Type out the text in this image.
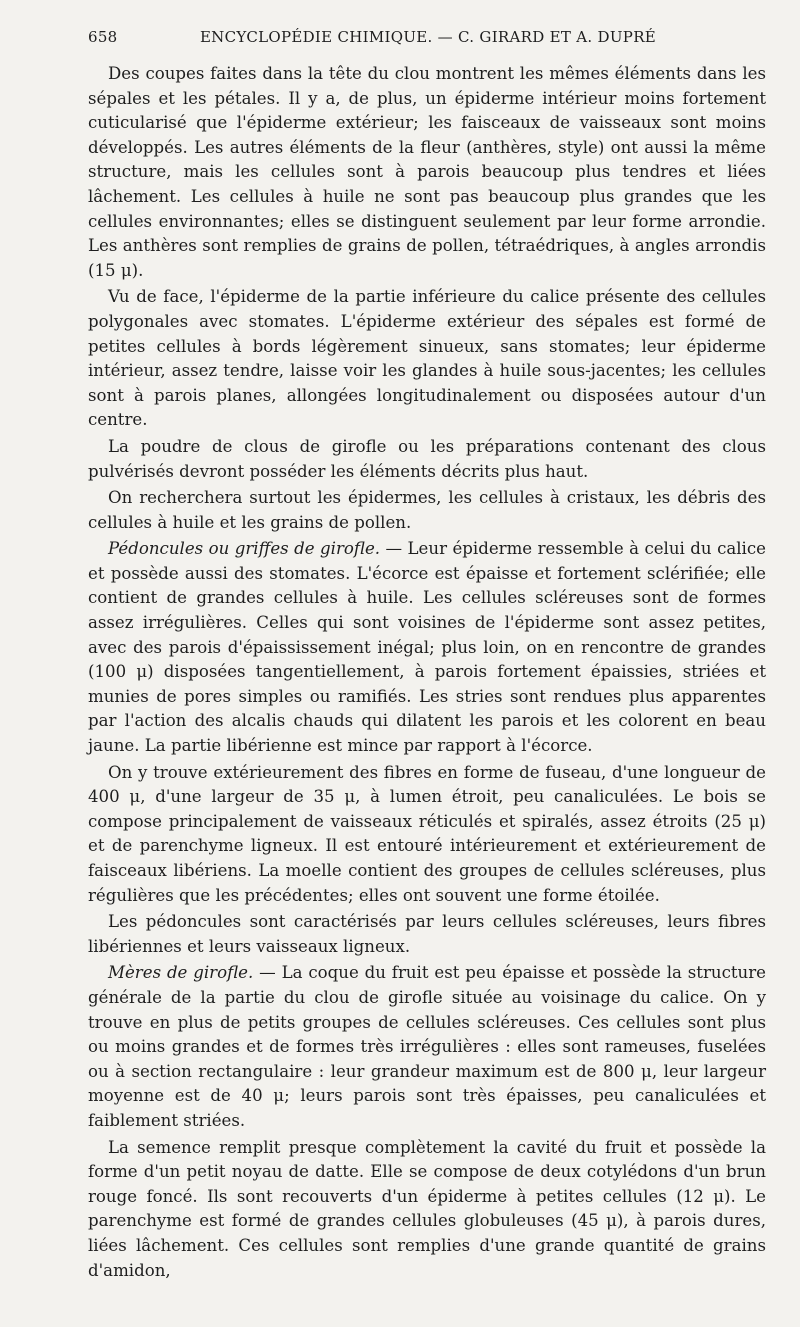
658	ENCYCLOPÉDIE CHIMIQUE. — C. GIRARD ET A. DUPRÉ

Des coupes faites dans la tête du clou montrent les mêmes éléments dans les sépales et les pétales. Il y a, de plus, un épiderme intérieur moins fortement cuticularisé que l'épiderme extérieur; les faisceaux de vaisseaux sont moins développés. Les autres éléments de la fleur (anthères, style) ont aussi la même structure, mais les cellules sont à parois beaucoup plus tendres et liées lâchement. Les cellules à huile ne sont pas beaucoup plus grandes que les cellules environnantes; elles se distinguent seulement par leur forme arrondie. Les anthères sont remplies de grains de pollen, tétraédriques, à angles arrondis (15 μ).

Vu de face, l'épiderme de la partie inférieure du calice présente des cellules polygonales avec stomates. L'épiderme extérieur des sépales est formé de petites cellules à bords légèrement sinueux, sans stomates; leur épiderme intérieur, assez tendre, laisse voir les glandes à huile sous-jacentes; les cellules sont à parois planes, allongées longitudinalement ou disposées autour d'un centre.

La poudre de clous de girofle ou les préparations contenant des clous pulvérisés devront posséder les éléments décrits plus haut.

On recherchera surtout les épidermes, les cellules à cristaux, les débris des cellules à huile et les grains de pollen.

Pédoncules ou griffes de girofle. — Leur épiderme ressemble à celui du calice et possède aussi des stomates. L'écorce est épaisse et fortement sclérifiée; elle contient de grandes cellules à huile. Les cellules scléreuses sont de formes assez irrégulières. Celles qui sont voisines de l'épiderme sont assez petites, avec des parois d'épaississement inégal; plus loin, on en rencontre de grandes (100 μ) disposées tangentiellement, à parois fortement épaissies, striées et munies de pores simples ou ramifiés. Les stries sont rendues plus apparentes par l'action des alcalis chauds qui dilatent les parois et les colorent en beau jaune. La partie libérienne est mince par rapport à l'écorce.

On y trouve extérieurement des fibres en forme de fuseau, d'une longueur de 400 μ, d'une largeur de 35 μ, à lumen étroit, peu canaliculées. Le bois se compose principalement de vaisseaux réticulés et spiralés, assez étroits (25 μ) et de parenchyme ligneux. Il est entouré intérieurement et extérieurement de faisceaux libériens. La moelle contient des groupes de cellules scléreuses, plus régulières que les précédentes; elles ont souvent une forme étoilée.

Les pédoncules sont caractérisés par leurs cellules scléreuses, leurs fibres libériennes et leurs vaisseaux ligneux.

Mères de girofle. — La coque du fruit est peu épaisse et possède la structure générale de la partie du clou de girofle située au voisinage du calice. On y trouve en plus de petits groupes de cellules scléreuses. Ces cellules sont plus ou moins grandes et de formes très irrégulières : elles sont rameuses, fuselées ou à section rectangulaire : leur grandeur maximum est de 800 μ, leur largeur moyenne est de 40 μ; leurs parois sont très épaisses, peu canaliculées et faiblement striées.

La semence remplit presque complètement la cavité du fruit et possède la forme d'un petit noyau de datte. Elle se compose de deux cotylédons d'un brun rouge foncé. Ils sont recouverts d'un épiderme à petites cellules (12 μ). Le parenchyme est formé de grandes cellules globuleuses (45 μ), à parois dures, liées lâchement. Ces cellules sont remplies d'une grande quantité de grains d'amidon,
